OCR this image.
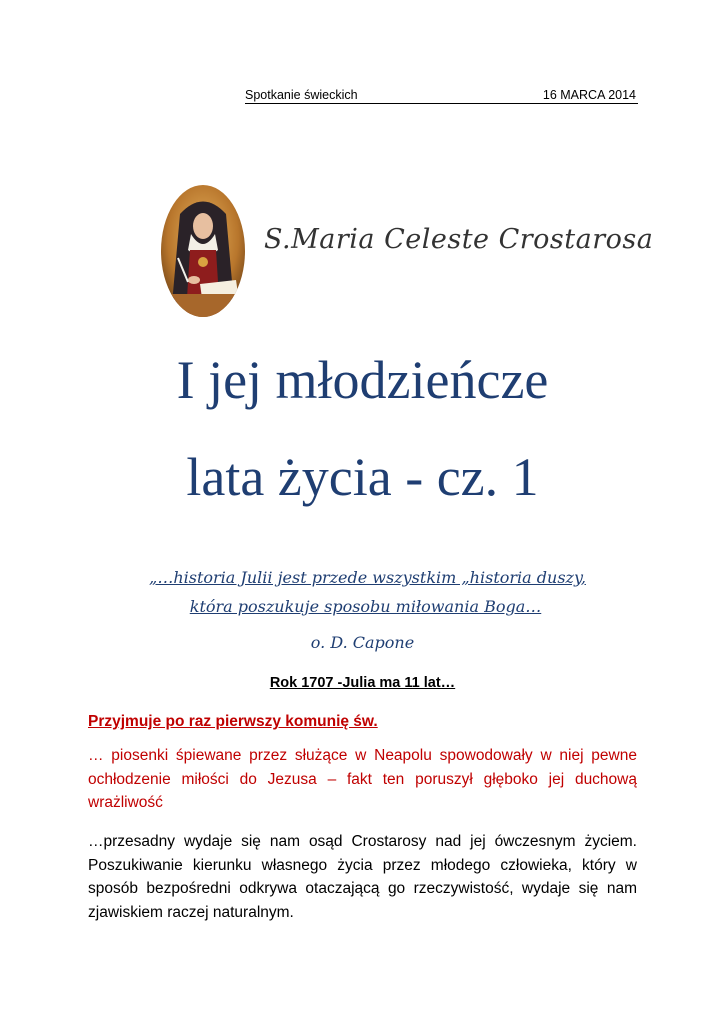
Spotkanie świeckich	16 MARCA 2014
S.Maria Celeste Crostarosa
I jej młodzieńcze
lata życia - cz. 1
„…historia Julii jest przede wszystkim „historia duszy,
która poszukuje sposobu miłowania Boga…
o. D. Capone
Rok 1707 -Julia ma 11 lat…
Przyjmuje po raz pierwszy komunię św.
… piosenki śpiewane przez służące w Neapolu spowodowały w niej pewne ochłodzenie miłości do Jezusa – fakt ten poruszył głęboko jej duchową wrażliwość
…przesadny wydaje się nam osąd Crostarosy nad jej ówczesnym życiem. Poszukiwanie kierunku własnego życia przez młodego człowieka, który w sposób bezpośredni odkrywa otaczającą go rzeczywistość, wydaje się nam zjawiskiem raczej naturalnym.
